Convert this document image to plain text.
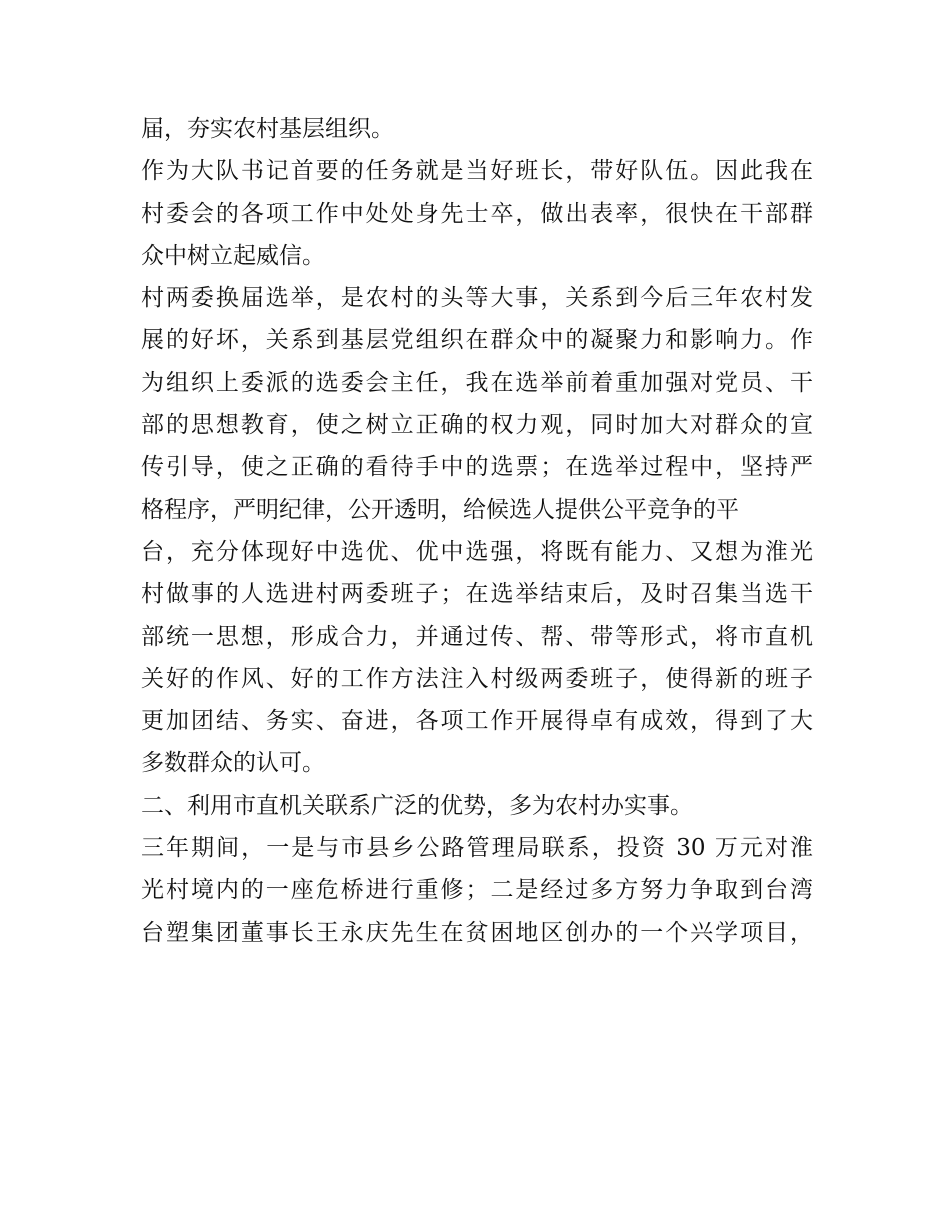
届，夯实农村基层组织。
作为大队书记首要的任务就是当好班长，带好队伍。因此我在
村委会的各项工作中处处身先士卒，做出表率，很快在干部群
众中树立起威信。
村两委换届选举，是农村的头等大事，关系到今后三年农村发
展的好坏，关系到基层党组织在群众中的凝聚力和影响力。作
为组织上委派的选委会主任，我在选举前着重加强对党员、干
部的思想教育，使之树立正确的权力观，同时加大对群众的宣
传引导，使之正确的看待手中的选票；在选举过程中，坚持严
格程序，严明纪律，公开透明，给候选人提供公平竞争的平
台，充分体现好中选优、优中选强，将既有能力、又想为淮光
村做事的人选进村两委班子；在选举结束后，及时召集当选干
部统一思想，形成合力，并通过传、帮、带等形式，将市直机
关好的作风、好的工作方法注入村级两委班子，使得新的班子
更加团结、务实、奋进，各项工作开展得卓有成效，得到了大
多数群众的认可。
二、利用市直机关联系广泛的优势，多为农村办实事。
三年期间，一是与市县乡公路管理局联系，投资 30 万元对淮
光村境内的一座危桥进行重修；二是经过多方努力争取到台湾
台塑集团董事长王永庆先生在贫困地区创办的一个兴学项目，
